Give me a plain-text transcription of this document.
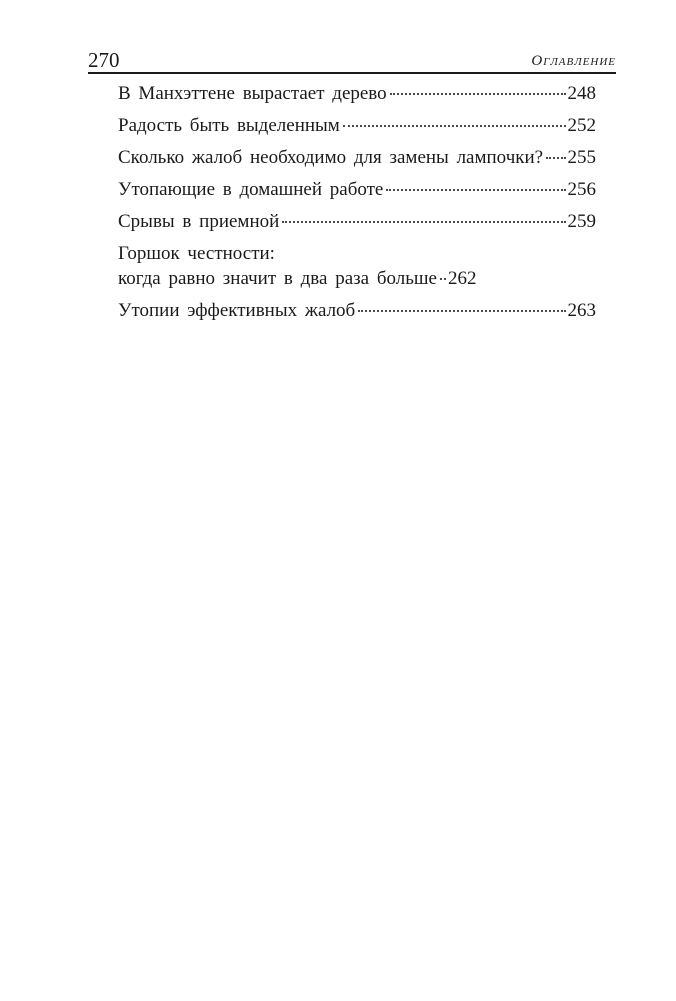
270	Оглавление
В Манхэттене вырастает дерево	248
Радость быть выделенным	252
Сколько жалоб необходимо для замены лампочки? 255
Утопающие в домашней работе	256
Срывы в приемной	259
Горшок честности:
когда равно значит в два раза больше 262
Утопии эффективных жалоб	263
